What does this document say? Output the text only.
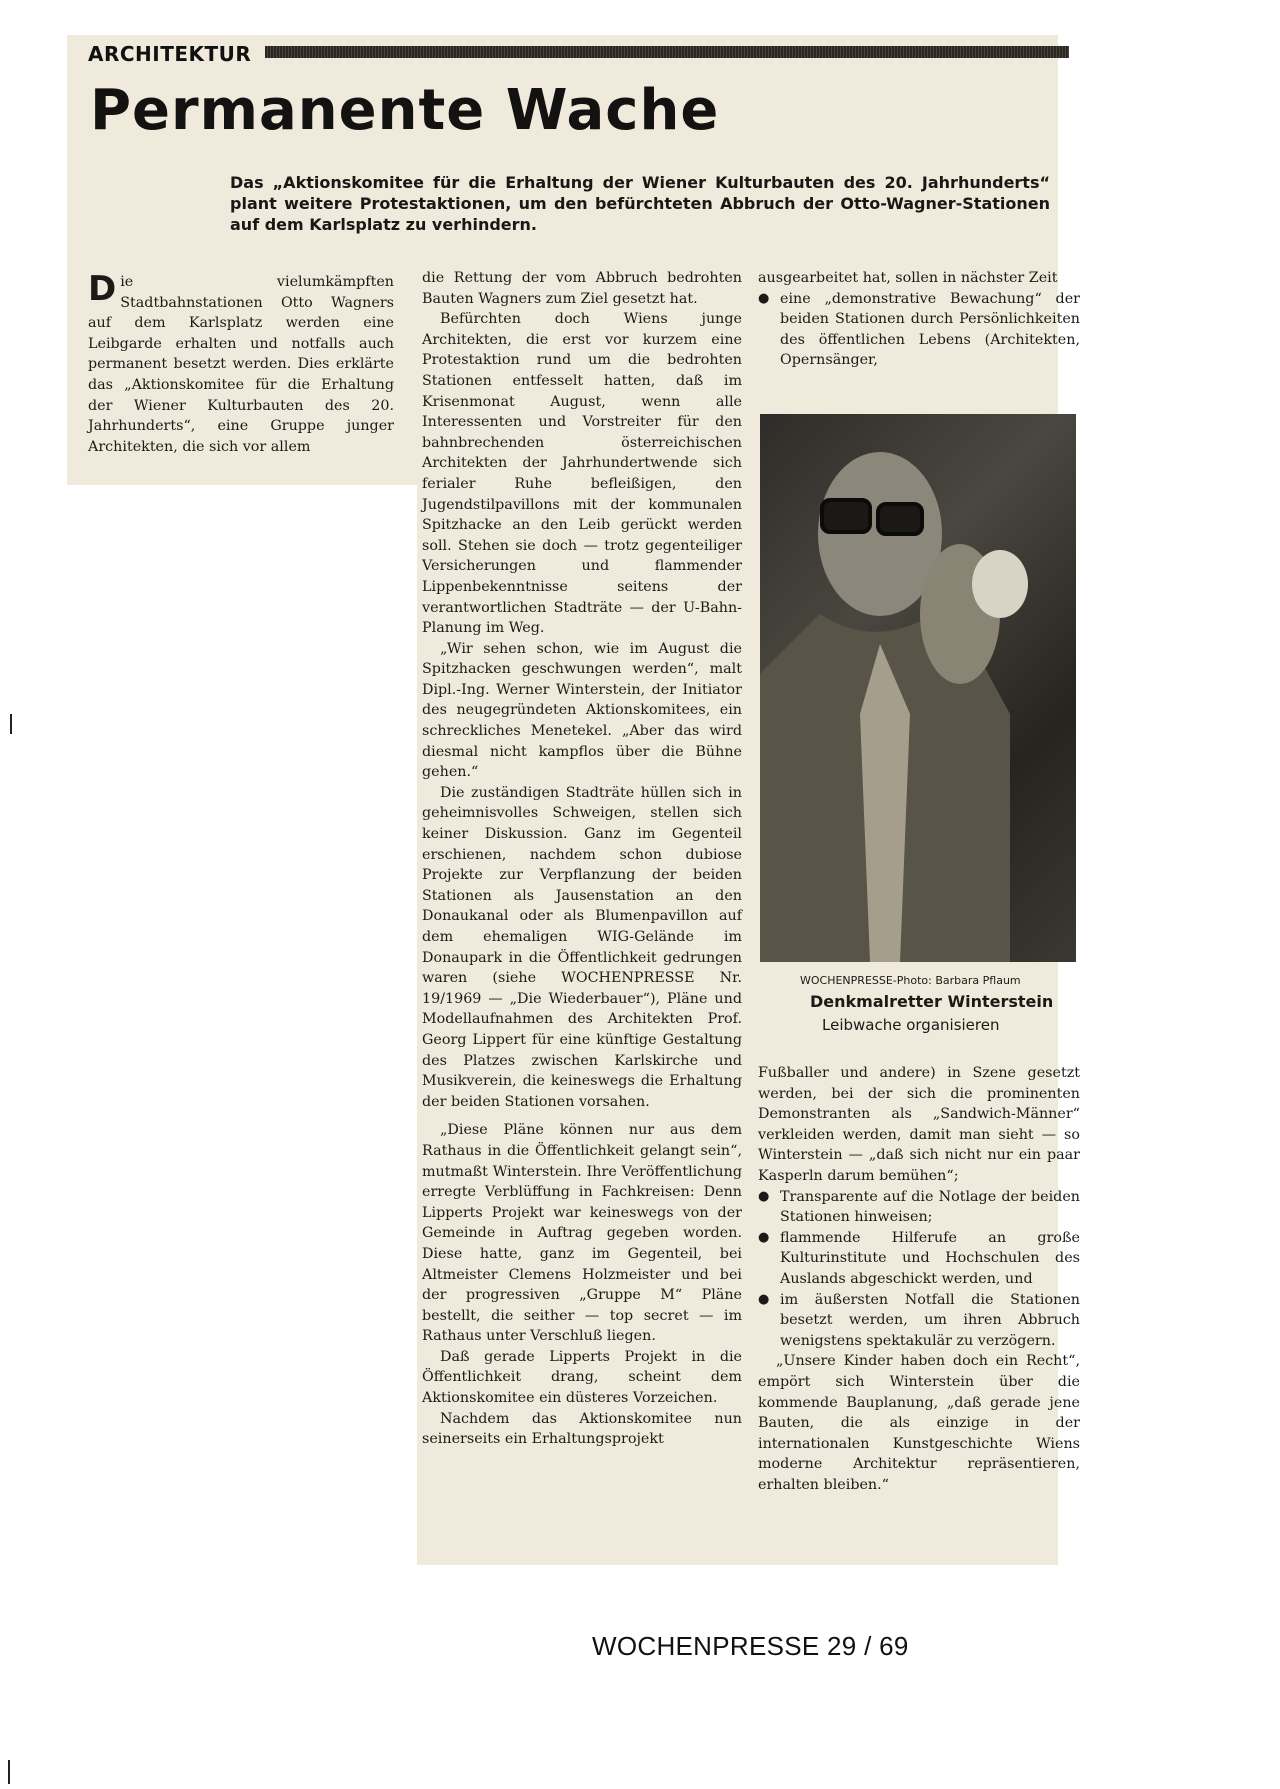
ARCHITEKTUR
Permanente Wache
Das „Aktionskomitee für die Erhaltung der Wiener Kulturbauten des 20. Jahrhunderts“ plant weitere Protestaktionen, um den befürchteten Abbruch der Otto-Wagner-Stationen auf dem Karlsplatz zu verhindern.

Die vielumkämpften Stadtbahnstationen Otto Wagners auf dem Karlsplatz werden eine Leibgarde erhalten und notfalls auch permanent besetzt werden. Dies erklärte das „Aktionskomitee für die Erhaltung der Wiener Kulturbauten des 20. Jahrhunderts“, eine Gruppe junger Architekten, die sich vor allem

die Rettung der vom Abbruch bedrohten Bauten Wagners zum Ziel gesetzt hat.

Befürchten doch Wiens junge Architekten, die erst vor kurzem eine Protestaktion rund um die bedrohten Stationen entfesselt hatten, daß im Krisenmonat August, wenn alle Interessenten und Vorstreiter für den bahnbrechenden österreichischen Architekten der Jahrhundertwende sich ferialer Ruhe befleißigen, den Jugendstilpavillons mit der kommunalen Spitzhacke an den Leib gerückt werden soll. Stehen sie doch — trotz gegenteiliger Versicherungen und flammender Lippenbekenntnisse seitens der verantwortlichen Stadträte — der U-Bahn-Planung im Weg.

„Wir sehen schon, wie im August die Spitzhacken geschwungen werden“, malt Dipl.-Ing. Werner Winterstein, der Initiator des neugegründeten Aktionskomitees, ein schreckliches Menetekel. „Aber das wird diesmal nicht kampflos über die Bühne gehen.“

Die zuständigen Stadträte hüllen sich in geheimnisvolles Schweigen, stellen sich keiner Diskussion. Ganz im Gegenteil erschienen, nachdem schon dubiose Projekte zur Verpflanzung der beiden Stationen als Jausenstation an den Donaukanal oder als Blumenpavillon auf dem ehemaligen WIG-Gelände im Donaupark in die Öffentlichkeit gedrungen waren (siehe WOCHENPRESSE Nr. 19/1969 — „Die Wiederbauer“), Pläne und Modellaufnahmen des Architekten Prof. Georg Lippert für eine künftige Gestaltung des Platzes zwischen Karlskirche und Musikverein, die keineswegs die Erhaltung der beiden Stationen vorsahen.

„Diese Pläne können nur aus dem Rathaus in die Öffentlichkeit gelangt sein“, mutmaßt Winterstein. Ihre Veröffentlichung erregte Verblüffung in Fachkreisen: Denn Lipperts Projekt war keineswegs von der Gemeinde in Auftrag gegeben worden. Diese hatte, ganz im Gegenteil, bei Altmeister Clemens Holzmeister und bei der progressiven „Gruppe M“ Pläne bestellt, die seither — top secret — im Rathaus unter Verschluß liegen.

Daß gerade Lipperts Projekt in die Öffentlichkeit drang, scheint dem Aktionskomitee ein düsteres Vorzeichen.

Nachdem das Aktionskomitee nun seinerseits ein Erhaltungsprojekt

ausgearbeitet hat, sollen in nächster Zeit

● eine „demonstrative Bewachung“ der beiden Stationen durch Persönlichkeiten des öffentlichen Lebens (Architekten, Opernsänger,

WOCHENPRESSE-Photo: Barbara Pflaum
Denkmalretter Winterstein
Leibwache organisieren

Fußballer und andere) in Szene gesetzt werden, bei der sich die prominenten Demonstranten als „Sandwich-Männer“ verkleiden werden, damit man sieht — so Winterstein — „daß sich nicht nur ein paar Kasperln darum bemühen“;

● Transparente auf die Notlage der beiden Stationen hinweisen;

● flammende Hilferufe an große Kulturinstitute und Hochschulen des Auslands abgeschickt werden, und

● im äußersten Notfall die Stationen besetzt werden, um ihren Abbruch wenigstens spektakulär zu verzögern.

„Unsere Kinder haben doch ein Recht“, empört sich Winterstein über die kommende Bauplanung, „daß gerade jene Bauten, die als einzige in der internationalen Kunstgeschichte Wiens moderne Architektur repräsentieren, erhalten bleiben.“

WOCHENPRESSE 29 / 69
